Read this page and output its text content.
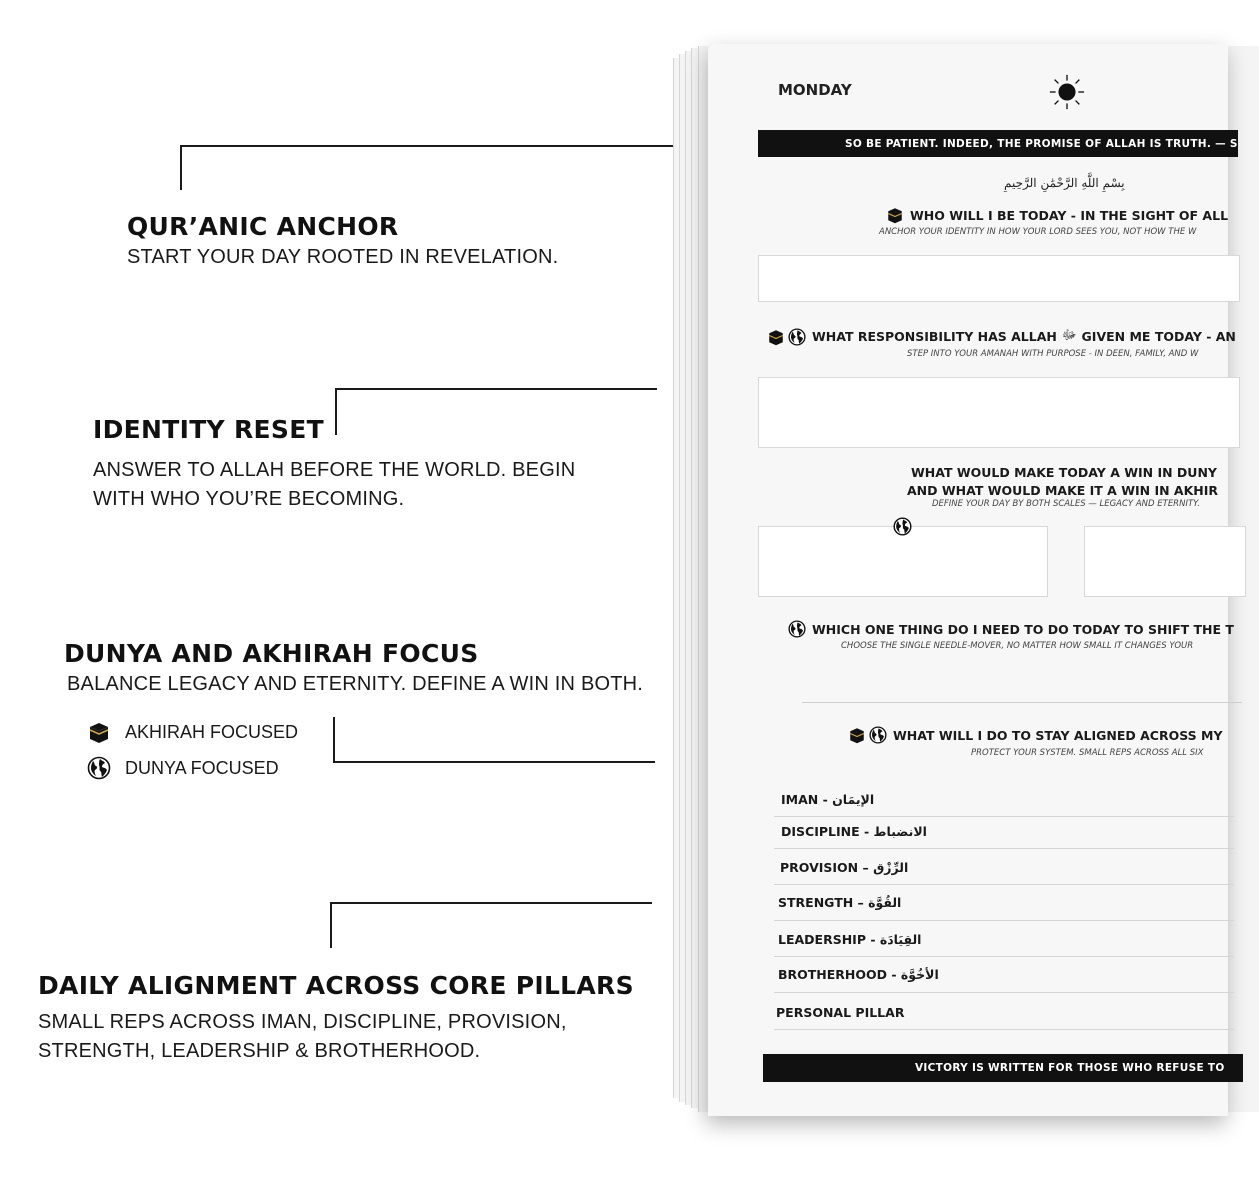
QUR’ANIC ANCHOR

START YOUR DAY ROOTED IN REVELATION.

IDENTITY RESET

ANSWER TO ALLAH BEFORE THE WORLD. BEGIN

WITH WHO YOU’RE BECOMING.

DUNYA AND AKHIRAH FOCUS

BALANCE LEGACY AND ETERNITY. DEFINE A WIN IN BOTH.

AKHIRAH FOCUSED
DUNYA FOCUSED
DAILY ALIGNMENT ACROSS CORE PILLARS

SMALL REPS ACROSS IMAN, DISCIPLINE, PROVISION,

STRENGTH, LEADERSHIP & BROTHERHOOD.

MONDAY
SO BE PATIENT. INDEED, THE PROMISE OF ALLAH IS TRUTH. — S
بِسْمِ اللَّهِ الرَّحْمَٰنِ الرَّحِيمِ
WHO WILL I BE TODAY - IN THE SIGHT OF ALL
ANCHOR YOUR IDENTITY IN HOW YOUR LORD SEES YOU, NOT HOW THE W
WHAT RESPONSIBILITY HAS ALLAH ﷻ GIVEN ME TODAY - AN
STEP INTO YOUR AMANAH WITH PURPOSE - IN DEEN, FAMILY, AND W
WHAT WOULD MAKE TODAY A WIN IN DUNY
AND WHAT WOULD MAKE IT A WIN IN AKHIR
DEFINE YOUR DAY BY BOTH SCALES — LEGACY AND ETERNITY.
WHICH ONE THING DO I NEED TO DO TODAY TO SHIFT THE T
CHOOSE THE SINGLE NEEDLE-MOVER, NO MATTER HOW SMALL IT CHANGES YOUR
WHAT WILL I DO TO STAY ALIGNED ACROSS MY
PROTECT YOUR SYSTEM. SMALL REPS ACROSS ALL SIX
IMAN - الإيمَان
DISCIPLINE - الانضباط
PROVISION – الرِّزْق
STRENGTH – القُوَّة
LEADERSHIP - القِيَادَة
BROTHERHOOD - الأخُوَّة
PERSONAL PILLAR
VICTORY IS WRITTEN FOR THOSE WHO REFUSE TO
